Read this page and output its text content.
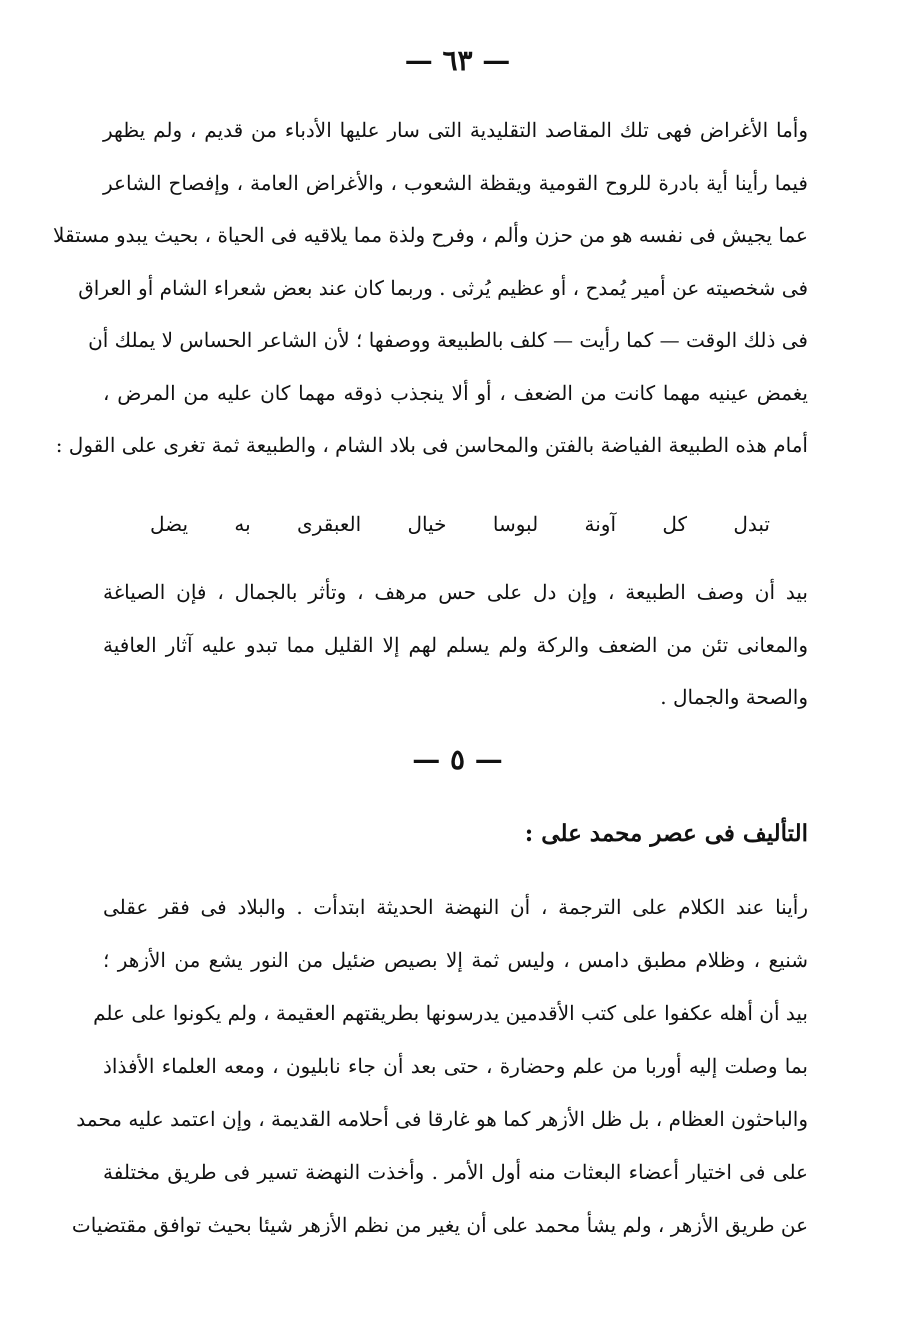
— ٦٣ —
وأما الأغراض فهى تلك المقاصد التقليدية التى سار عليها الأدباء من قديم ، ولم يظهر
فيما رأينا أية بادرة للروح القومية ويقظة الشعوب ، والأغراض العامة ، وإفصاح الشاعر
عما يجيش فى نفسه هو من حزن وألم ، وفرح ولذة مما يلاقيه فى الحياة ، بحيث يبدو مستقلا
فى شخصيته عن أمير يُمدح ، أو عظيم يُرثى . وربما كان عند بعض شعراء الشام أو العراق
فى ذلك الوقت — كما رأيت — كلف بالطبيعة ووصفها ؛ لأن الشاعر الحساس لا يملك أن
يغمض عينيه مهما كانت من الضعف ، أو ألا ينجذب ذوقه مهما كان عليه من المرض ،
أمام هذه الطبيعة الفياضة بالفتن والمحاسن فى بلاد الشام ، والطبيعة ثمة تغرى على القول :
تبدل
كل
آونة
لبوسا
خيال
العبقرى
به
يضل
بيد أن وصف الطبيعة ، وإن دل على حس مرهف ، وتأثر بالجمال ، فإن الصياغة
والمعانى تئن من الضعف والركة ولم يسلم لهم إلا القليل مما تبدو عليه آثار العافية
والصحة والجمال .
— ٥ —
التأليف فى عصر محمد على :
رأينا عند الكلام على الترجمة ، أن النهضة الحديثة ابتدأت . والبلاد فى فقر عقلى
شنيع ، وظلام مطبق دامس ، وليس ثمة إلا بصيص ضئيل من النور يشع من الأزهر ؛
بيد أن أهله عكفوا على كتب الأقدمين يدرسونها بطريقتهم العقيمة ، ولم يكونوا على علم
بما وصلت إليه أوربا من علم وحضارة ، حتى بعد أن جاء نابليون ، ومعه العلماء الأفذاذ
والباحثون العظام ، بل ظل الأزهر كما هو غارقا فى أحلامه القديمة ، وإن اعتمد عليه محمد
على فى اختيار أعضاء البعثات منه أول الأمر . وأخذت النهضة تسير فى طريق مختلفة
عن طريق الأزهر ، ولم يشأ محمد على أن يغير من نظم الأزهر شيئا بحيث توافق مقتضيات
